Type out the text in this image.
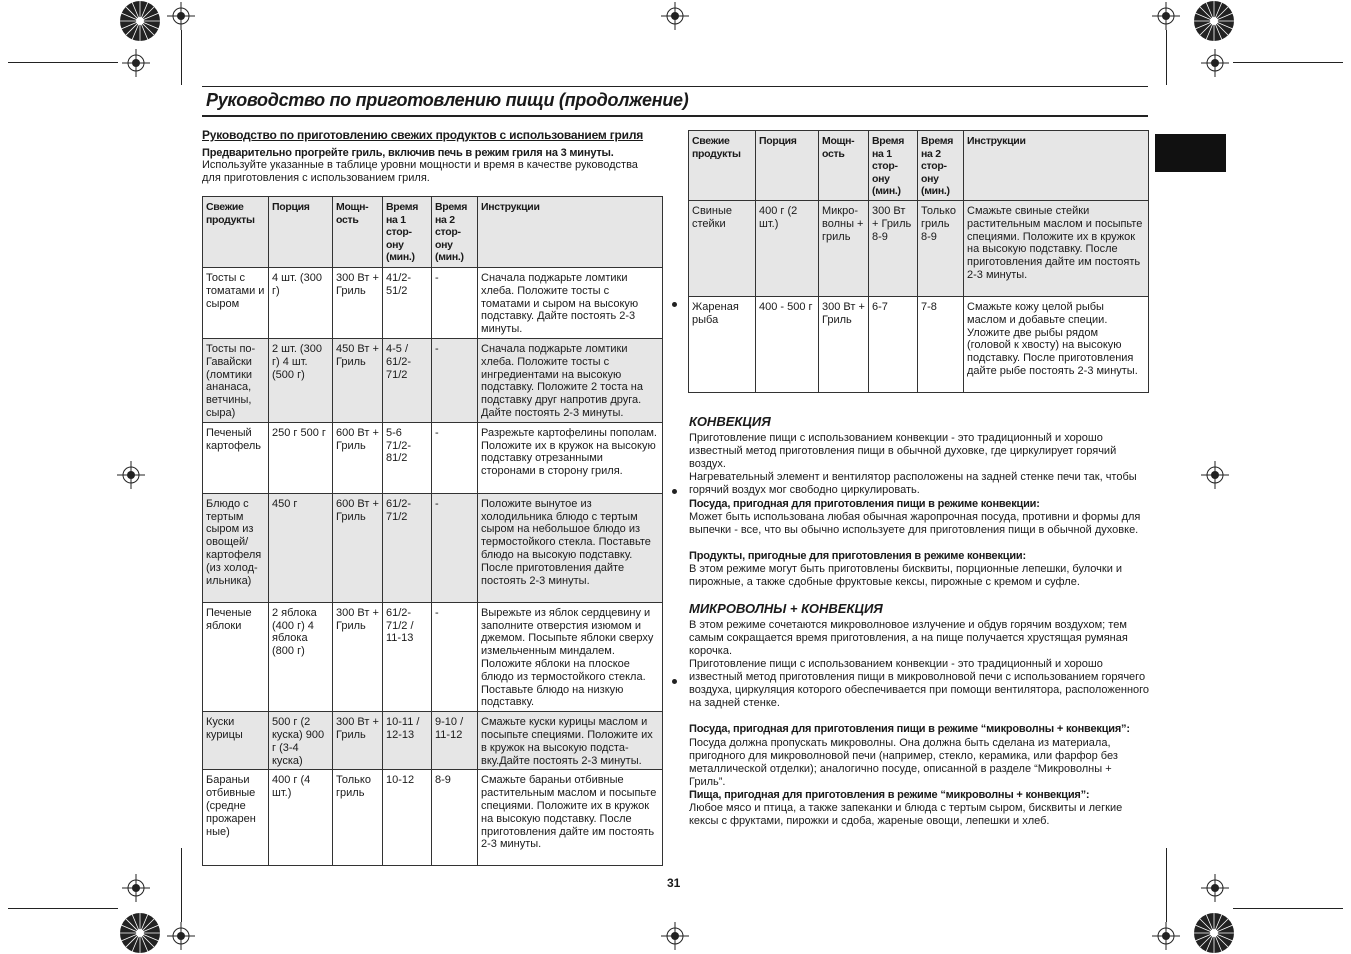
Руководство по приготовлению пищи (продолжение)
Руководство по приготовлению свежих продуктов с использованием гриля
Предварительно прогрейте гриль, включив печь в режим гриля на 3 минуты.
Используйте указанные в таблице уровни мощности и время в качестве руководства для приготовления с использованием гриля.
Свежие продукты	Порция	Мощн-ость	Время на 1 стор-ону (мин.)	Время на 2 стор-ону (мин.)	Инструкции
Тосты с томатами и сыром	4 шт. (300 г)	300 Вт + Гриль	41/2-51/2	-	Сначала поджарьте ломтики хлеба. Положите тосты с томатами и сыром на высокую подставку. Дайте постоять 2-3 минуты.
Тосты по-Гавайски (ломтики ананаса, ветчины, сыра)	2 шт. (300 г) 4 шт. (500 г)	450 Вт + Гриль	4-5 / 61/2-71/2	-	Сначала поджарьте ломтики хлеба. Положите тосты с ингредиентами на высокую подставку. Положите 2 тоста на подставку друг напротив друга. Дайте постоять 2-3 минуты.
Печеный картофель	250 г 500 г	600 Вт + Гриль	5-6 71/2-81/2	-	Разрежьте картофелины пополам. Положите их в кружок на высокую подставку отрезанными сторонами в сторону гриля.
Блюдо с тертым сыром из овощей/картофеля (из холод-ильника)	450 г	600 Вт + Гриль	61/2-71/2	-	Положите вынутое из холодильника блюдо с тертым сыром на небольшое блюдо из термостойкого стекла. Поставьте блюдо на высокую подставку. После приготовления дайте постоять 2-3 минуты.
Печеные яблоки	2 яблока (400 г) 4 яблока (800 г)	300 Вт + Гриль	61/2-71/2 / 11-13	-	Вырежьте из яблок сердцевину и заполните отверстия изюмом и джемом. Посыпьте яблоки сверху измельченным миндалем. Положите яблоки на плоское блюдо из термостойкого стекла. Поставьте блюдо на низкую подставку.
Куски курицы	500 г (2 куска) 900 г (3-4 куска)	300 Вт + Гриль	10-11 / 12-13	9-10 / 11-12	Смажьте куски курицы маслом и посыпьте специями. Положите их в кружок на высокую подста-вку.Дайте постоять 2-3 минуты.
Бараньи отбивные (средне прожарен ные)	400 г (4 шт.)	Только гриль	10-12	8-9	Смажьте бараньи отбивные растительным маслом и посыпьте специями. Положите их в кружок на высокую подставку. После приготовления дайте им постоять 2-3 минуты.
Свежие продукты	Порция	Мощн-ость	Время на 1 стор-ону (мин.)	Время на 2 стор-ону (мин.)	Инструкции
Свиные стейки	400 г (2 шт.)	Микро-волны + гриль	300 Вт + Гриль 8-9	Только гриль 8-9	Смажьте свиные стейки растительным маслом и посыпьте специями. Положите их в кружок на высокую подставку. После приготовления дайте им постоять 2-3 минуты.
Жареная рыба	400 - 500 г	300 Вт + Гриль	6-7	7-8	Смажьте кожу целой рыбы маслом и добавьте специи. Уложите две рыбы рядом (головой к хвосту) на высокую подставку. После приготовления дайте рыбе постоять 2-3 минуты.
КОНВЕКЦИЯ
Приготовление пищи с использованием конвекции - это традиционный и хорошо известный метод приготовления пищи в обычной духовке, где циркулирует горячий воздух.
Нагревательный элемент и вентилятор расположены на задней стенке печи так, чтобы горячий воздух мог свободно циркулировать.
Посуда, пригодная для приготовления пищи в режиме конвекции:
Может быть использована любая обычная жаропрочная посуда, противни и формы для выпечки - все, что вы обычно используете для приготовления пищи в обычной духовке.
Продукты, пригодные для приготовления в режиме конвекции:
В этом режиме могут быть приготовлены бисквиты, порционные лепешки, булочки и пирожные, а также сдобные фруктовые кексы, пирожные с кремом и суфле.
МИКРОВОЛНЫ + КОНВЕКЦИЯ
В этом режиме сочетаются микроволновое излучение и обдув горячим воздухом; тем самым сокращается время приготовления, а на пище получается хрустящая румяная корочка.
Приготовление пищи с использованием конвекции - это традиционный и хорошо известный метод приготовления пищи в микроволновой печи с использованием горячего воздуха, циркуляция которого обеспечивается при помощи вентилятора, расположенного на задней стенке.
Посуда, пригодная для приготовления пищи в режиме “микроволны + конвекция”:
Посуда должна пропускать микроволны. Она должна быть сделана из материала, пригодного для микроволновой печи (например, стекло, керамика, или фарфор без металлической отделки); аналогично посуде, описанной в разделе “Микроволны + Гриль”.
Пища, пригодная для приготовления в режиме “микроволны + конвекция”:
Любое мясо и птица, а также запеканки и блюда с тертым сыром, бисквиты и легкие кексы с фруктами, пирожки и сдоба, жареные овощи, лепешки и хлеб.
31
